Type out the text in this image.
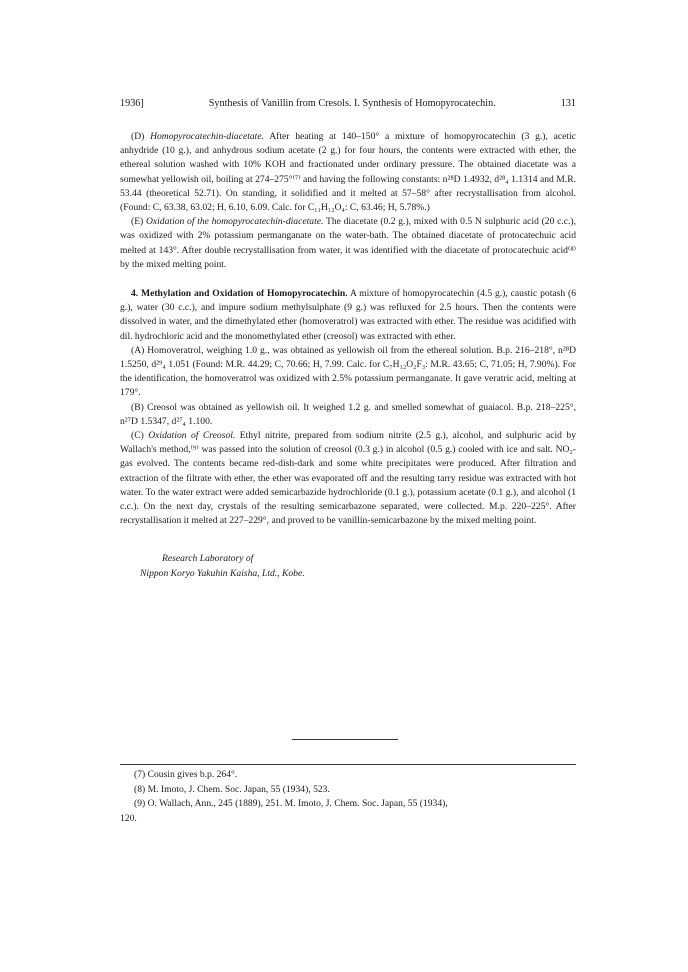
1936]	Synthesis of Vanillin from Cresols. I. Synthesis of Homopyrocatechin.	131

(D) Homopyrocatechin-diacetate. After heating at 140–150° a mixture of homopyrocatechin (3 g.), acetic anhydride (10 g.), and anhydrous sodium acetate (2 g.) for four hours, the contents were extracted with ether, the ethereal solution washed with 10% KOH and fractionated under ordinary pressure. The obtained diacetate was a somewhat yellowish oil, boiling at 274–275°⁽⁷⁾ and having the following constants: n²⁸D 1.4932, d²⁸₄ 1.1314 and M.R. 53.44 (theoretical 52.71). On standing, it solidified and it melted at 57–58° after recrystallisation from alcohol. (Found: C, 63.38, 63.02; H, 6.10, 6.09. Calc. for C₁₁H₁₂O₄: C, 63.46; H, 5.78%.)

(E) Oxidation of the homopyrocatechin-diacetate. The diacetate (0.2 g.), mixed with 0.5 N sulphuric acid (20 c.c.), was oxidized with 2% potassium permanganate on the water-bath. The obtained diacetate of protocatechuic acid melted at 143°. After double recrystallisation from water, it was identified with the diacetate of protocatechuic acid⁽⁸⁾ by the mixed melting point.

4. Methylation and Oxidation of Homopyrocatechin. A mixture of homopyrocatechin (4.5 g.), caustic potash (6 g.), water (30 c.c.), and impure sodium methylsulphate (9 g.) was refluxed for 2.5 hours. Then the contents were dissolved in water, and the dimethylated ether (homoveratrol) was extracted with ether. The residue was acidified with dil. hydrochloric acid and the monomethylated ether (creosol) was extracted with ether.

(A) Homoveratrol, weighing 1.0 g., was obtained as yellowish oil from the ethereal solution. B.p. 216–218°, n²⁸D 1.5250, d²⁹₄ 1.051 (Found: M.R. 44.29; C, 70.66; H, 7.99. Calc. for C₇H₁₂O₂F₃: M.R. 43.65; C, 71.05; H, 7.90%). For the identification, the homoveratrol was oxidized with 2.5% potassium permanganate. It gave veratric acid, melting at 179°.

(B) Creosol was obtained as yellowish oil. It weighed 1.2 g. and smelled somewhat of guaiacol. B.p. 218–225°, n²⁷D 1.5347, d²⁷₄ 1.100.

(C) Oxidation of Creosol. Ethyl nitrite, prepared from sodium nitrite (2.5 g.), alcohol, and sulphuric acid by Wallach's method,⁽⁹⁾ was passed into the solution of creosol (0.3 g.) in alcohol (0.5 g.) cooled with ice and salt. NO₂-gas evolved. The contents became red-dish-dark and some white precipitates were produced. After filtration and extraction of the filtrate with ether, the ether was evaporated off and the resulting tarry residue was extracted with hot water. To the water extract were added semicarbazide hydrochloride (0.1 g.), potassium acetate (0.1 g.), and alcohol (1 c.c.). On the next day, crystals of the resulting semicarbazone separated, were collected. M.p. 220–225°. After recrystallisation it melted at 227–229°, and proved to be vanillin-semicarbazone by the mixed melting point.

Research Laboratory of
Nippon Koryo Yakuhin Kaisha, Ltd., Kobe.
(7) Cousin gives b.p. 264°.
(8) M. Imoto, J. Chem. Soc. Japan, 55 (1934), 523.
(9) O. Wallach, Ann., 245 (1889), 251. M. Imoto, J. Chem. Soc. Japan, 55 (1934),
120.
